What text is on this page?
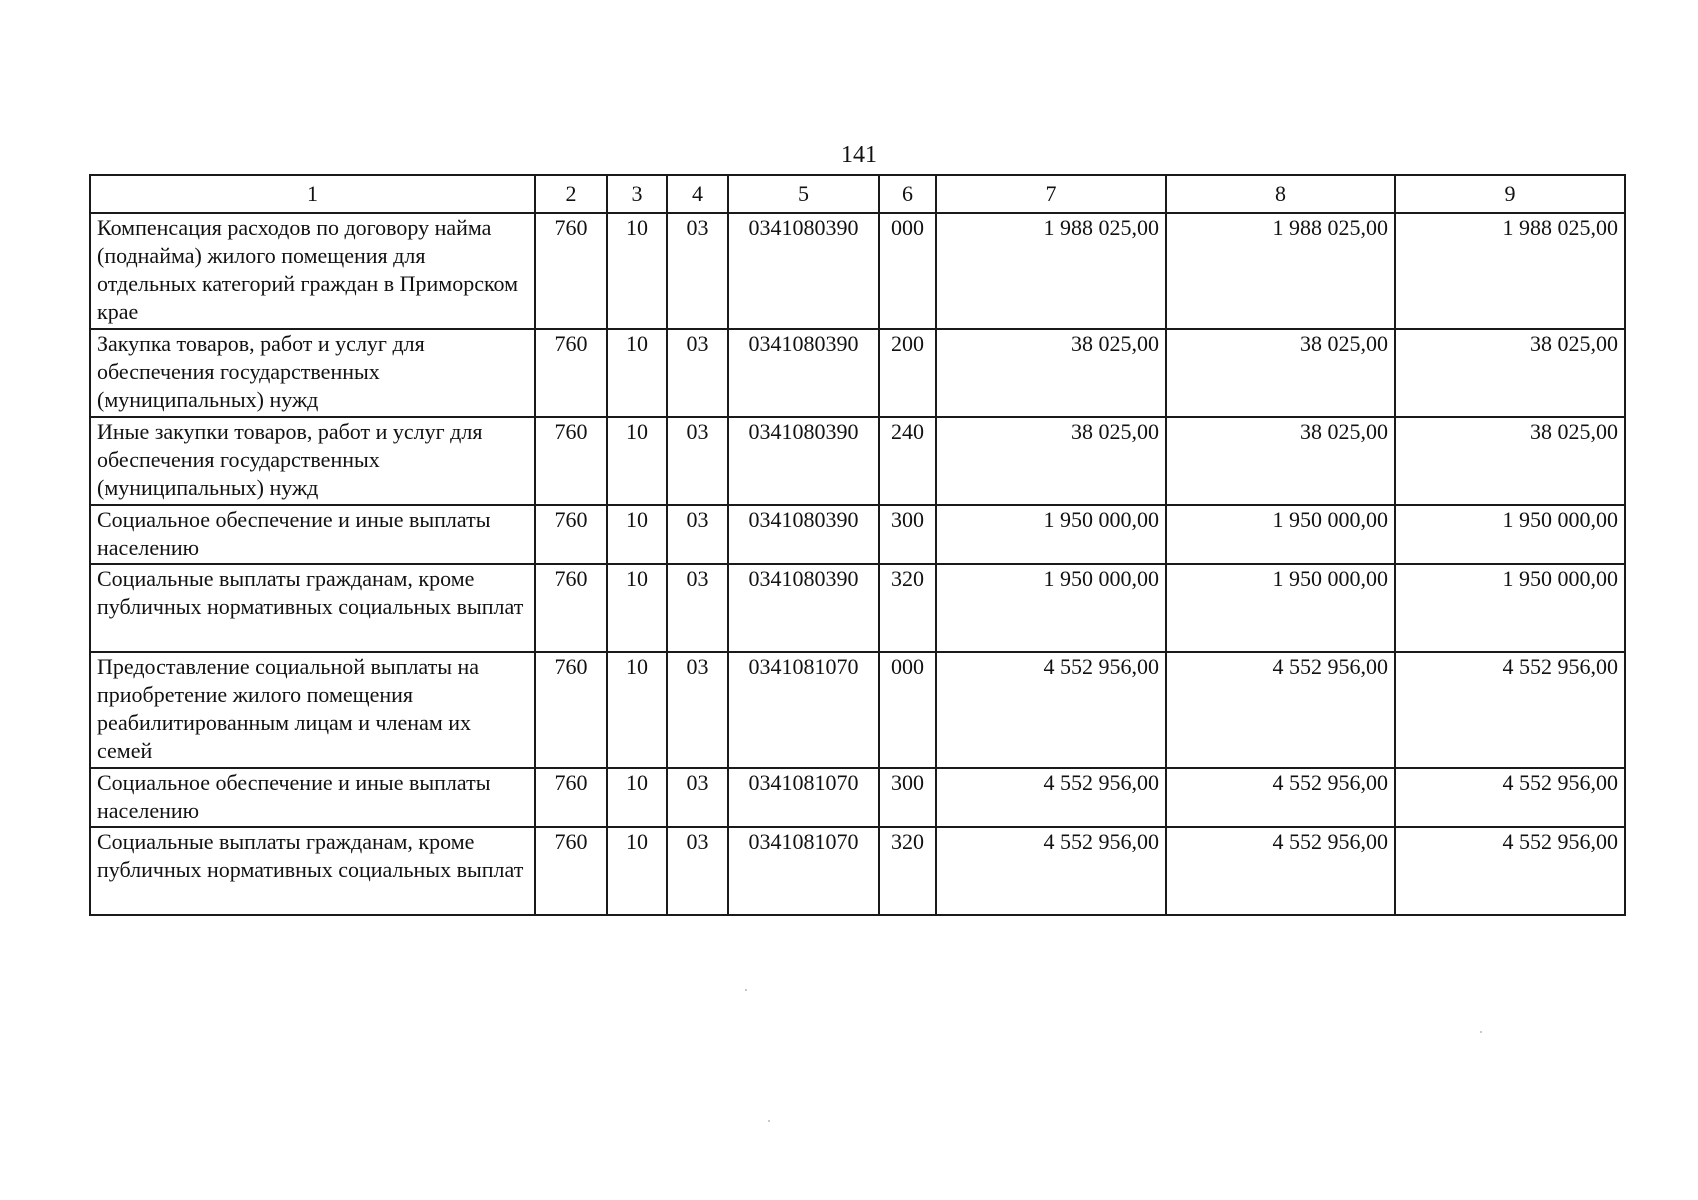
141
1	2	3	4	5	6	7	8	9
Компенсация расходов по договору найма (поднайма) жилого помещения для отдельных категорий граждан в Приморском крае	760	10	03	0341080390	000	1 988 025,00	1 988 025,00	1 988 025,00
Закупка товаров, работ и услуг для обеспечения государственных (муниципальных) нужд	760	10	03	0341080390	200	38 025,00	38 025,00	38 025,00
Иные закупки товаров, работ и услуг для обеспечения государственных (муниципальных) нужд	760	10	03	0341080390	240	38 025,00	38 025,00	38 025,00
Социальное обеспечение и иные выплаты населению	760	10	03	0341080390	300	1 950 000,00	1 950 000,00	1 950 000,00
Социальные выплаты гражданам, кроме публичных нормативных социальных выплат	760	10	03	0341080390	320	1 950 000,00	1 950 000,00	1 950 000,00
Предоставление социальной выплаты на приобретение жилого помещения реабилитированным лицам и членам их семей	760	10	03	0341081070	000	4 552 956,00	4 552 956,00	4 552 956,00
Социальное обеспечение и иные выплаты населению	760	10	03	0341081070	300	4 552 956,00	4 552 956,00	4 552 956,00
Социальные выплаты гражданам, кроме публичных нормативных социальных выплат	760	10	03	0341081070	320	4 552 956,00	4 552 956,00	4 552 956,00
